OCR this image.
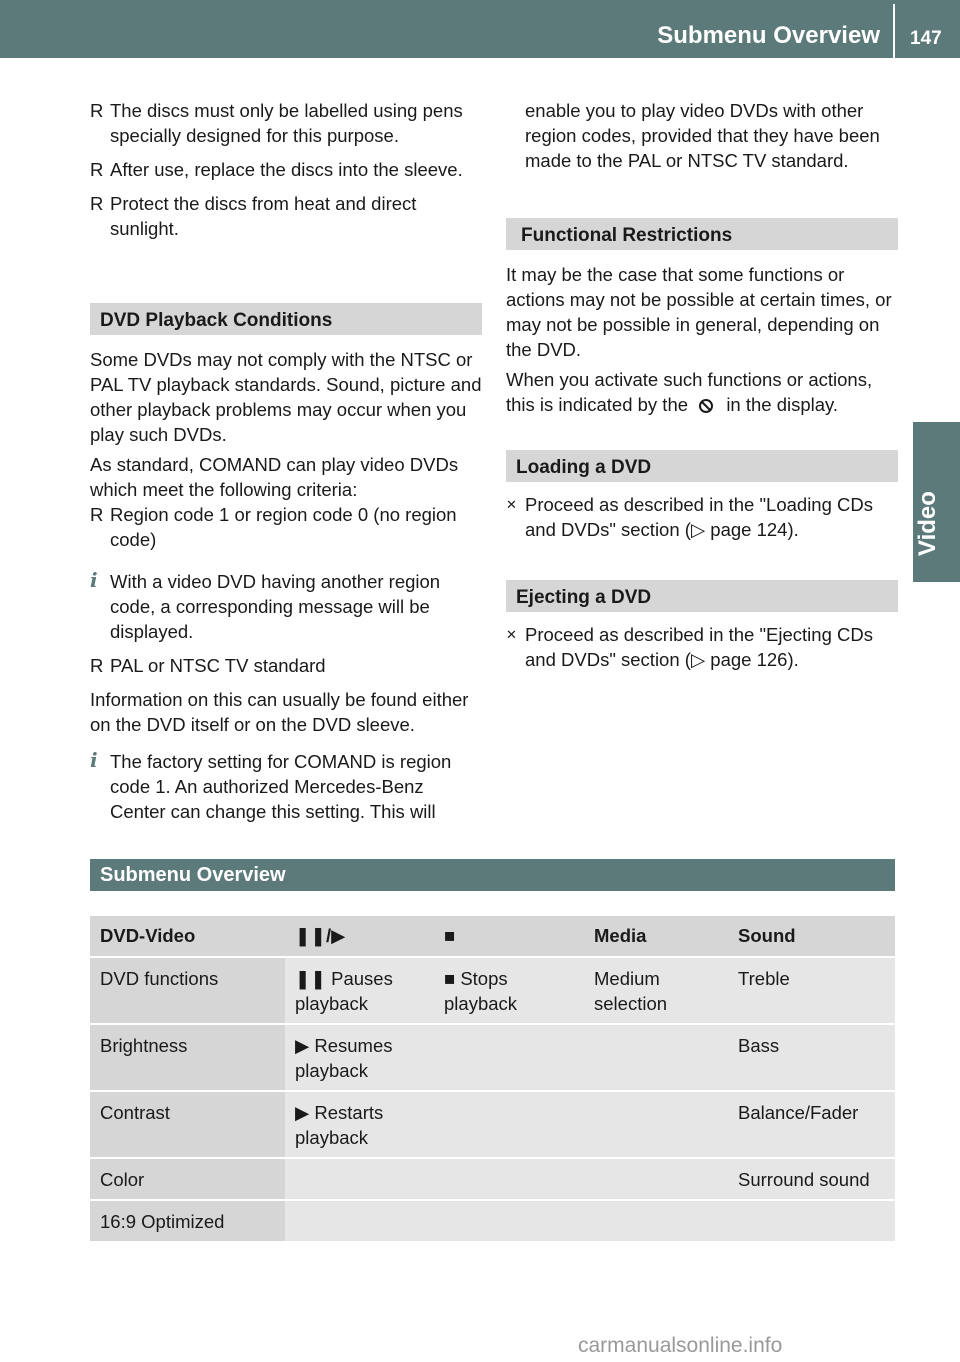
Submenu Overview 147
Video
R The discs must only be labelled using pens specially designed for this purpose.
R After use, replace the discs into the sleeve.
R Protect the discs from heat and direct sunlight.
DVD Playback Conditions

Some DVDs may not comply with the NTSC or PAL TV playback standards. Sound, picture and other playback problems may occur when you play such DVDs.

As standard, COMAND can play video DVDs which meet the following criteria:

R Region code 1 or region code 0 (no region code)
i With a video DVD having another region code, a corresponding message will be displayed.
R PAL or NTSC TV standard

Information on this can usually be found either on the DVD itself or on the DVD sleeve.

i The factory setting for COMAND is region code 1. An authorized Mercedes-Benz Center can change this setting. This will

enable you to play video DVDs with other region codes, provided that they have been made to the PAL or NTSC TV standard.

Functional Restrictions

It may be the case that some functions or actions may not be possible at certain times, or may not be possible in general, depending on the DVD.

When you activate such functions or actions, this is indicated by the in the display.

Loading a DVD
✕ Proceed as described in the "Loading CDs and DVDs" section (▷ page 124).
Ejecting a DVD
✕ Proceed as described in the "Ejecting CDs and DVDs" section (▷ page 126).
Submenu Overview
DVD-Video	❚❚/▶	■	Media	Sound
DVD functions	❚❚ Pauses playback	■ Stops playback	Medium selection	Treble
Brightness	▶ Resumes playback			Bass
Contrast	▶ Restarts playback			Balance/Fader
Color				Surround sound
16:9 Optimized				
carmanualsonline.info
